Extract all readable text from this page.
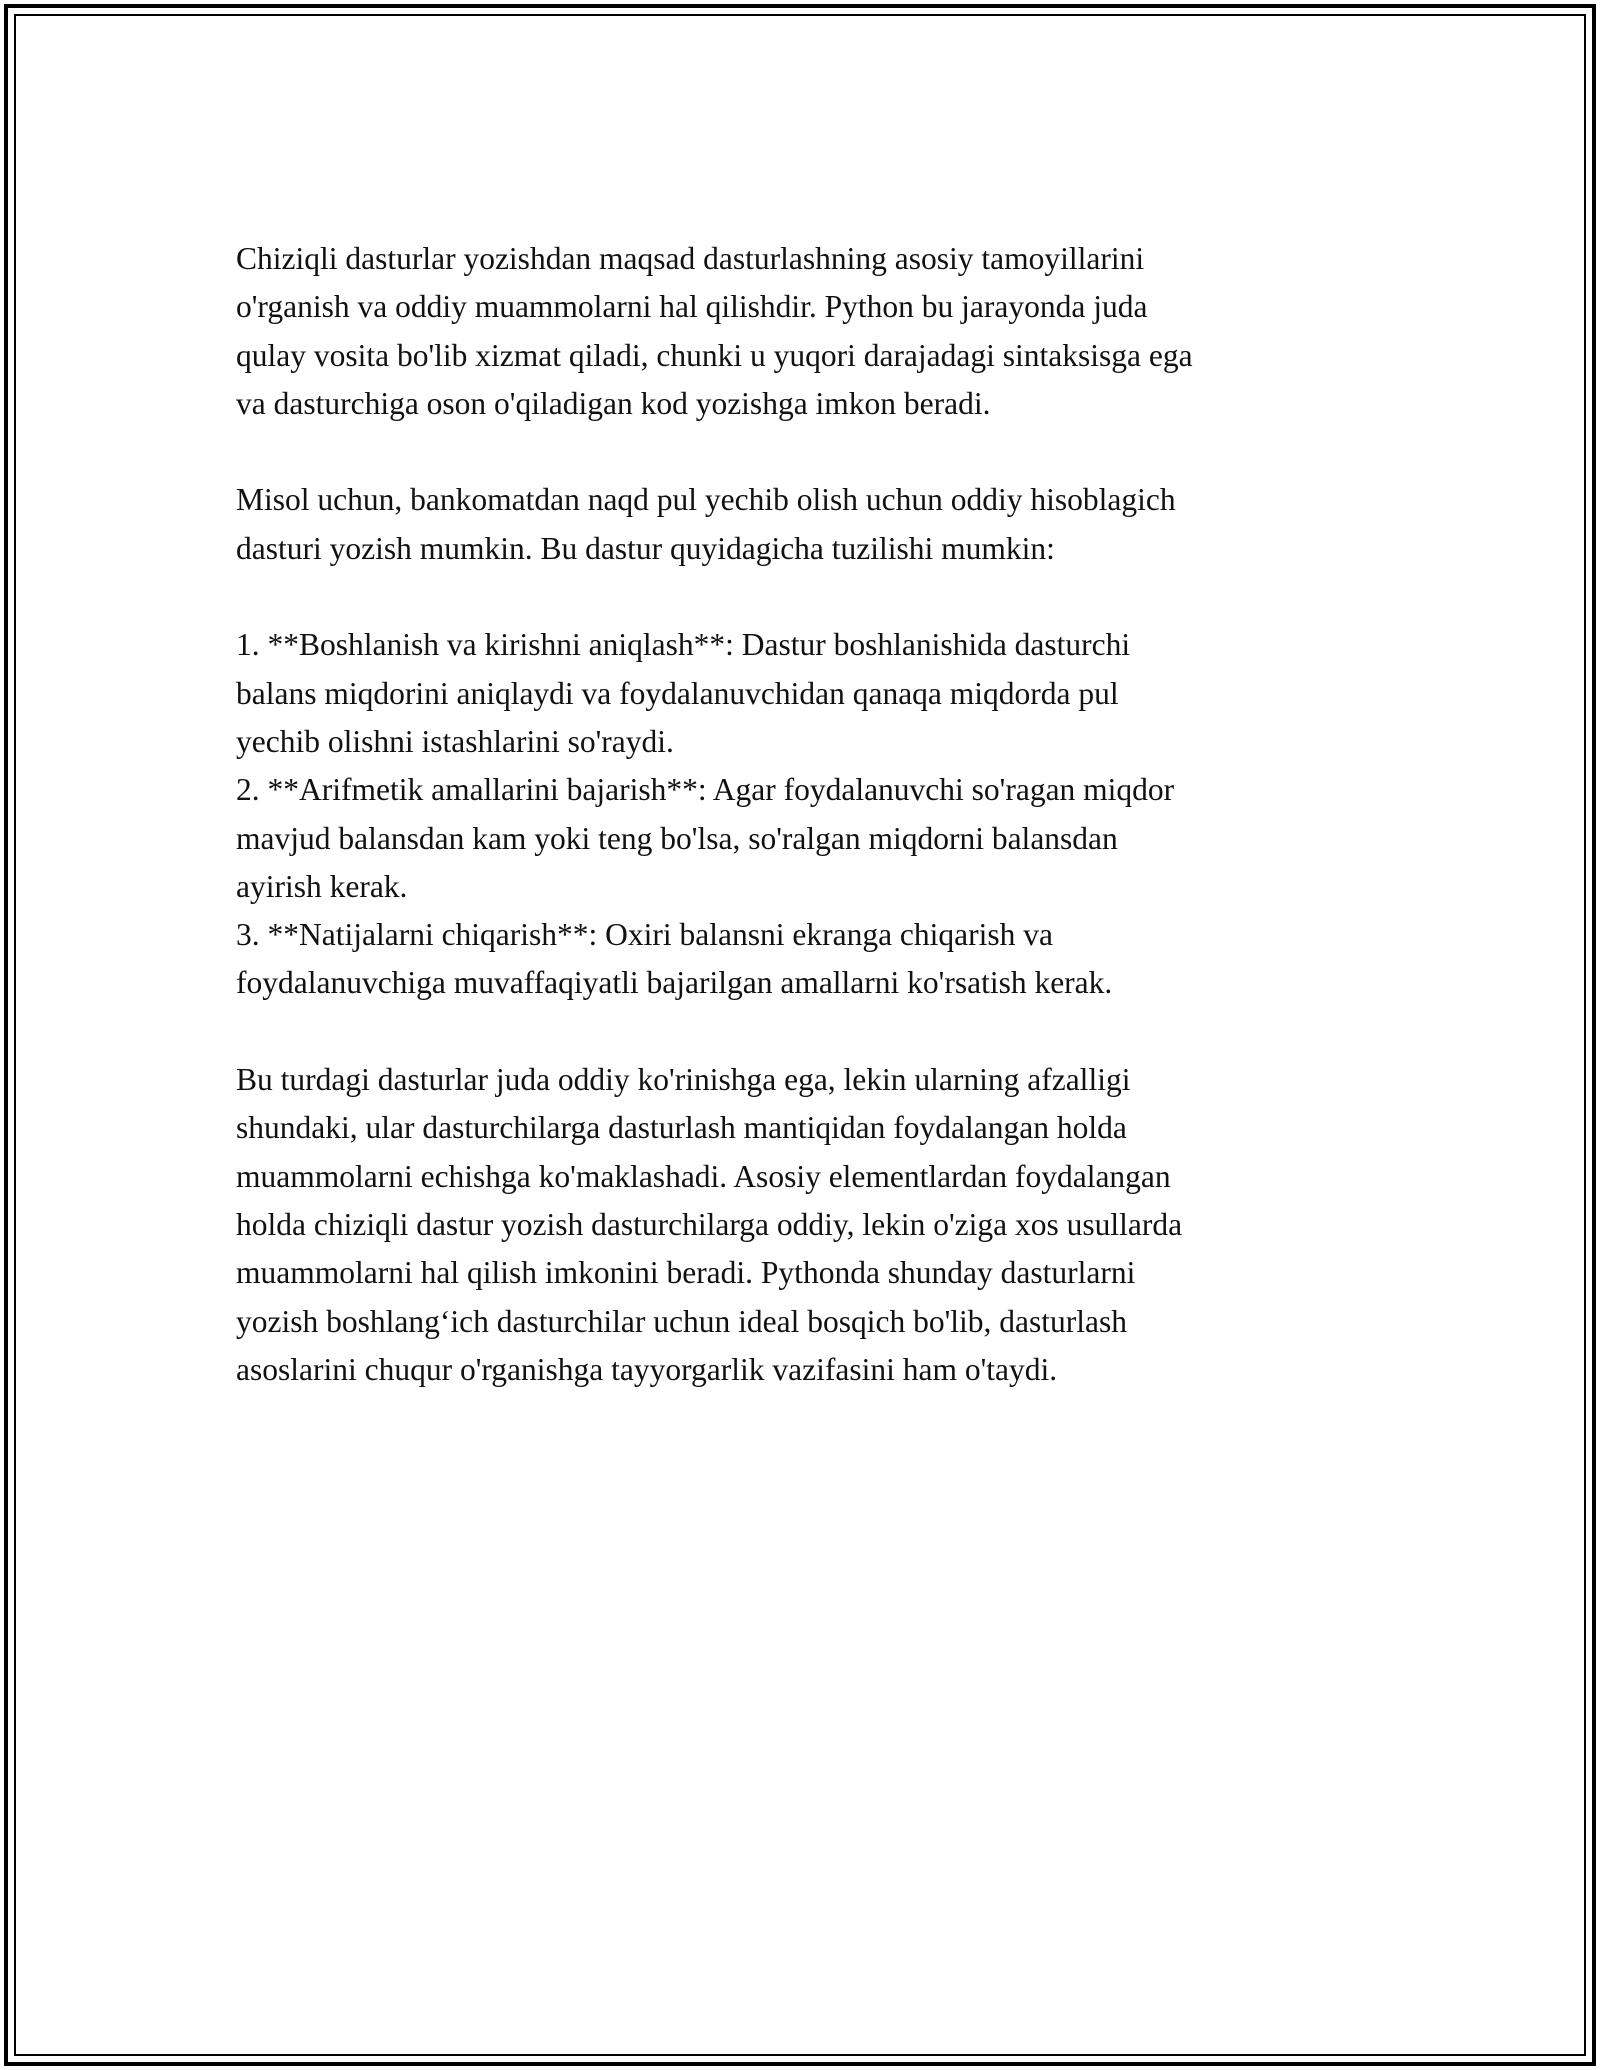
Chiziqli dasturlar yozishdan maqsad dasturlashning asosiy tamoyillarini
o'rganish va oddiy muammolarni hal qilishdir. Python bu jarayonda juda
qulay vosita bo'lib xizmat qiladi, chunki u yuqori darajadagi sintaksisga ega
va dasturchiga oson o'qiladigan kod yozishga imkon beradi.

Misol uchun, bankomatdan naqd pul yechib olish uchun oddiy hisoblagich
dasturi yozish mumkin. Bu dastur quyidagicha tuzilishi mumkin:

1. **Boshlanish va kirishni aniqlash**: Dastur boshlanishida dasturchi
balans miqdorini aniqlaydi va foydalanuvchidan qanaqa miqdorda pul
yechib olishni istashlarini so'raydi.

2. **Arifmetik amallarini bajarish**: Agar foydalanuvchi so'ragan miqdor
mavjud balansdan kam yoki teng bo'lsa, so'ralgan miqdorni balansdan
ayirish kerak.

3. **Natijalarni chiqarish**: Oxiri balansni ekranga chiqarish va
foydalanuvchiga muvaffaqiyatli bajarilgan amallarni ko'rsatish kerak.

Bu turdagi dasturlar juda oddiy ko'rinishga ega, lekin ularning afzalligi
shundaki, ular dasturchilarga dasturlash mantiqidan foydalangan holda
muammolarni echishga ko'maklashadi. Asosiy elementlardan foydalangan
holda chiziqli dastur yozish dasturchilarga oddiy, lekin o'ziga xos usullarda
muammolarni hal qilish imkonini beradi. Pythonda shunday dasturlarni
yozish boshlang‘ich dasturchilar uchun ideal bosqich bo'lib, dasturlash
asoslarini chuqur o'rganishga tayyorgarlik vazifasini ham o'taydi.
